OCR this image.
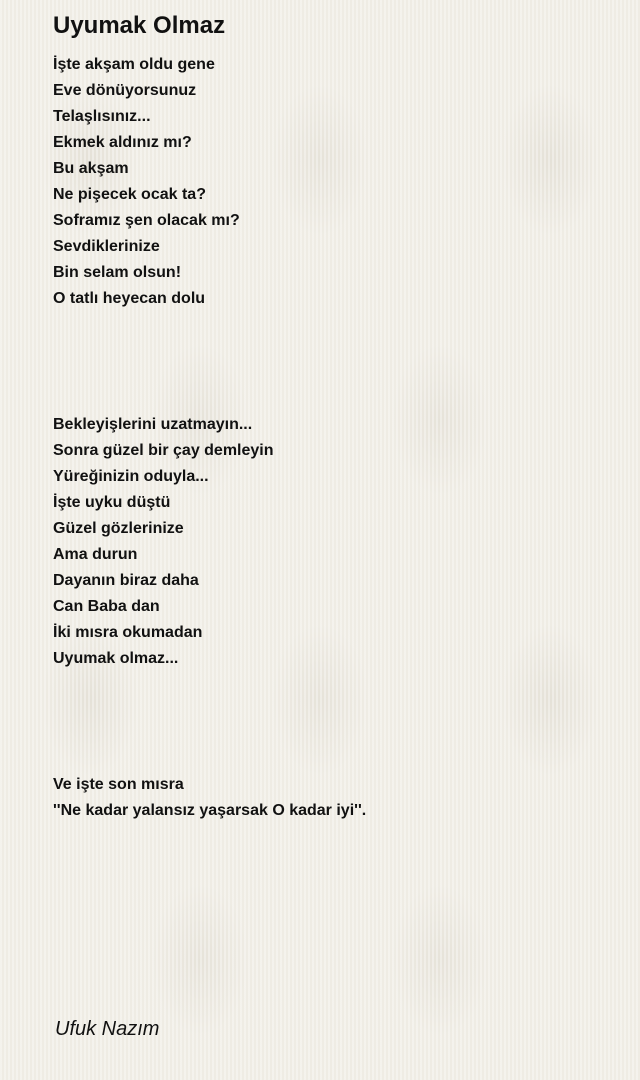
Uyumak Olmaz
İşte akşam oldu gene
Eve dönüyorsunuz
Telaşlısınız...
Ekmek aldınız mı?
Bu akşam
Ne pişecek ocak ta?
Soframız şen olacak mı?
Sevdiklerinize
Bin selam olsun!
O tatlı heyecan dolu
Bekleyişlerini uzatmayın...
Sonra güzel bir çay demleyin
Yüreğinizin oduyla...
İşte uyku düştü
Güzel gözlerinize
Ama durun
Dayanın biraz daha
Can Baba dan
İki mısra okumadan
Uyumak olmaz...
Ve işte son mısra
''Ne kadar yalansız yaşarsak O kadar iyi''.
Ufuk Nazım
